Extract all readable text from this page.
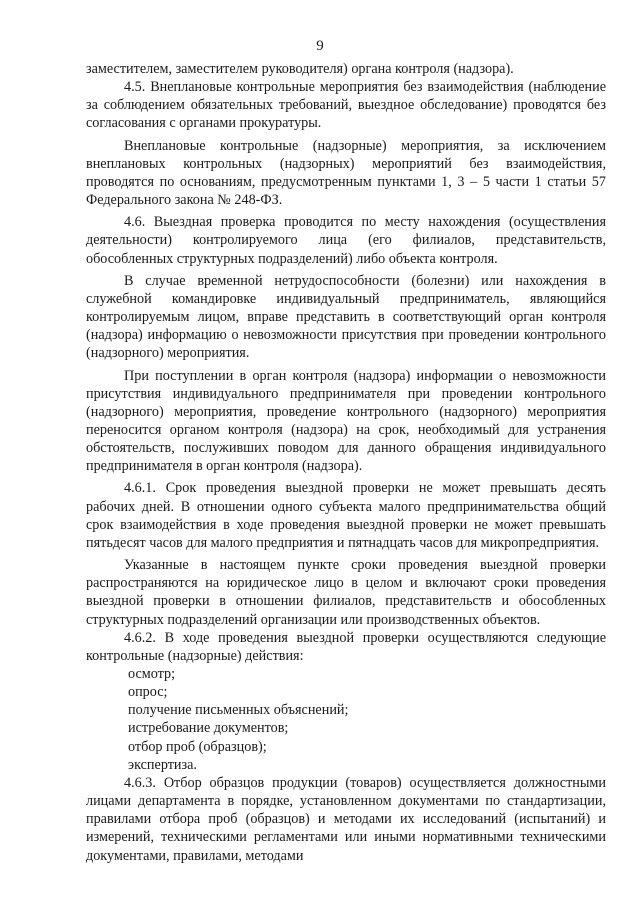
9

заместителем, заместителем руководителя) органа контроля (надзора).

4.5. Внеплановые контрольные мероприятия без взаимодействия (наблюдение за соблюдением обязательных требований, выездное обследование) проводятся без согласования с органами прокуратуры.

Внеплановые контрольные (надзорные) мероприятия, за исключением внеплановых контрольных (надзорных) мероприятий без взаимодействия, проводятся по основаниям, предусмотренным пунктами 1, 3 – 5 части 1 статьи 57 Федерального закона № 248-ФЗ.

4.6. Выездная проверка проводится по месту нахождения (осуществления деятельности) контролируемого лица (его филиалов, представительств, обособленных структурных подразделений) либо объекта контроля.

В случае временной нетрудоспособности (болезни) или нахождения в служебной командировке индивидуальный предприниматель, являющийся контролируемым лицом, вправе представить в соответствующий орган контроля (надзора) информацию о невозможности присутствия при проведении контрольного (надзорного) мероприятия.

При поступлении в орган контроля (надзора) информации о невозможности присутствия индивидуального предпринимателя при проведении контрольного (надзорного) мероприятия, проведение контрольного (надзорного) мероприятия переносится органом контроля (надзора) на срок, необходимый для устранения обстоятельств, послуживших поводом для данного обращения индивидуального предпринимателя в орган контроля (надзора).

4.6.1. Срок проведения выездной проверки не может превышать десять рабочих дней. В отношении одного субъекта малого предпринимательства общий срок взаимодействия в ходе проведения выездной проверки не может превышать пятьдесят часов для малого предприятия и пятнадцать часов для микропредприятия.

Указанные в настоящем пункте сроки проведения выездной проверки распространяются на юридическое лицо в целом и включают сроки проведения выездной проверки в отношении филиалов, представительств и обособленных структурных подразделений организации или производственных объектов.

4.6.2. В ходе проведения выездной проверки осуществляются следующие контрольные (надзорные) действия:

осмотр;

опрос;

получение письменных объяснений;

истребование документов;

отбор проб (образцов);

экспертиза.

4.6.3. Отбор образцов продукции (товаров) осуществляется должностными лицами департамента в порядке, установленном документами по стандартизации, правилами отбора проб (образцов) и методами их исследований (испытаний) и измерений, техническими регламентами или иными нормативными техническими документами, правилами, методами
